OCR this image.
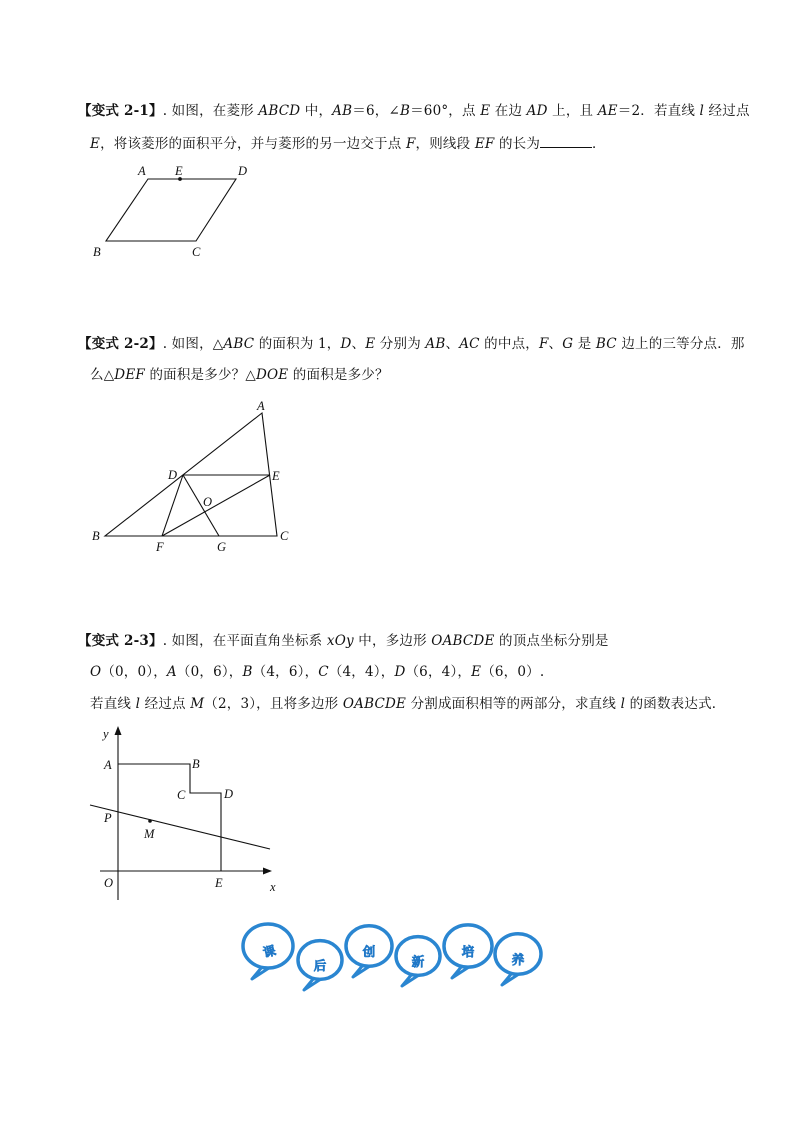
【变式 2-1】. 如图，在菱形 ABCD 中，AB＝6，∠B＝60°，点 E 在边 AD 上，且 AE＝2．若直线 l 经过点
E，将该菱形的面积平分，并与菱形的另一边交于点 F，则线段 EF 的长为	．
A E	D
B	C
【变式 2-2】. 如图，△ABC 的面积为 1，D、E 分别为 AB、AC 的中点，F、G 是 BC 边上的三等分点．那
么△DEF 的面积是多少？△DOE 的面积是多少？
A
D	E
O
B	C
F	G
【变式 2-3】. 如图，在平面直角坐标系 xOy 中，多边形 OABCDE 的顶点坐标分别是
O（0，0），A（0，6），B（4，6），C（4，4），D（6，4），E（6，0）.
若直线 l 经过点 M（2，3），且将多边形 OABCDE 分割成面积相等的两部分，求直线 l 的函数表达式．
y
A	B
C	D
P
M
O	E	x
课
后
创
新
培
养
